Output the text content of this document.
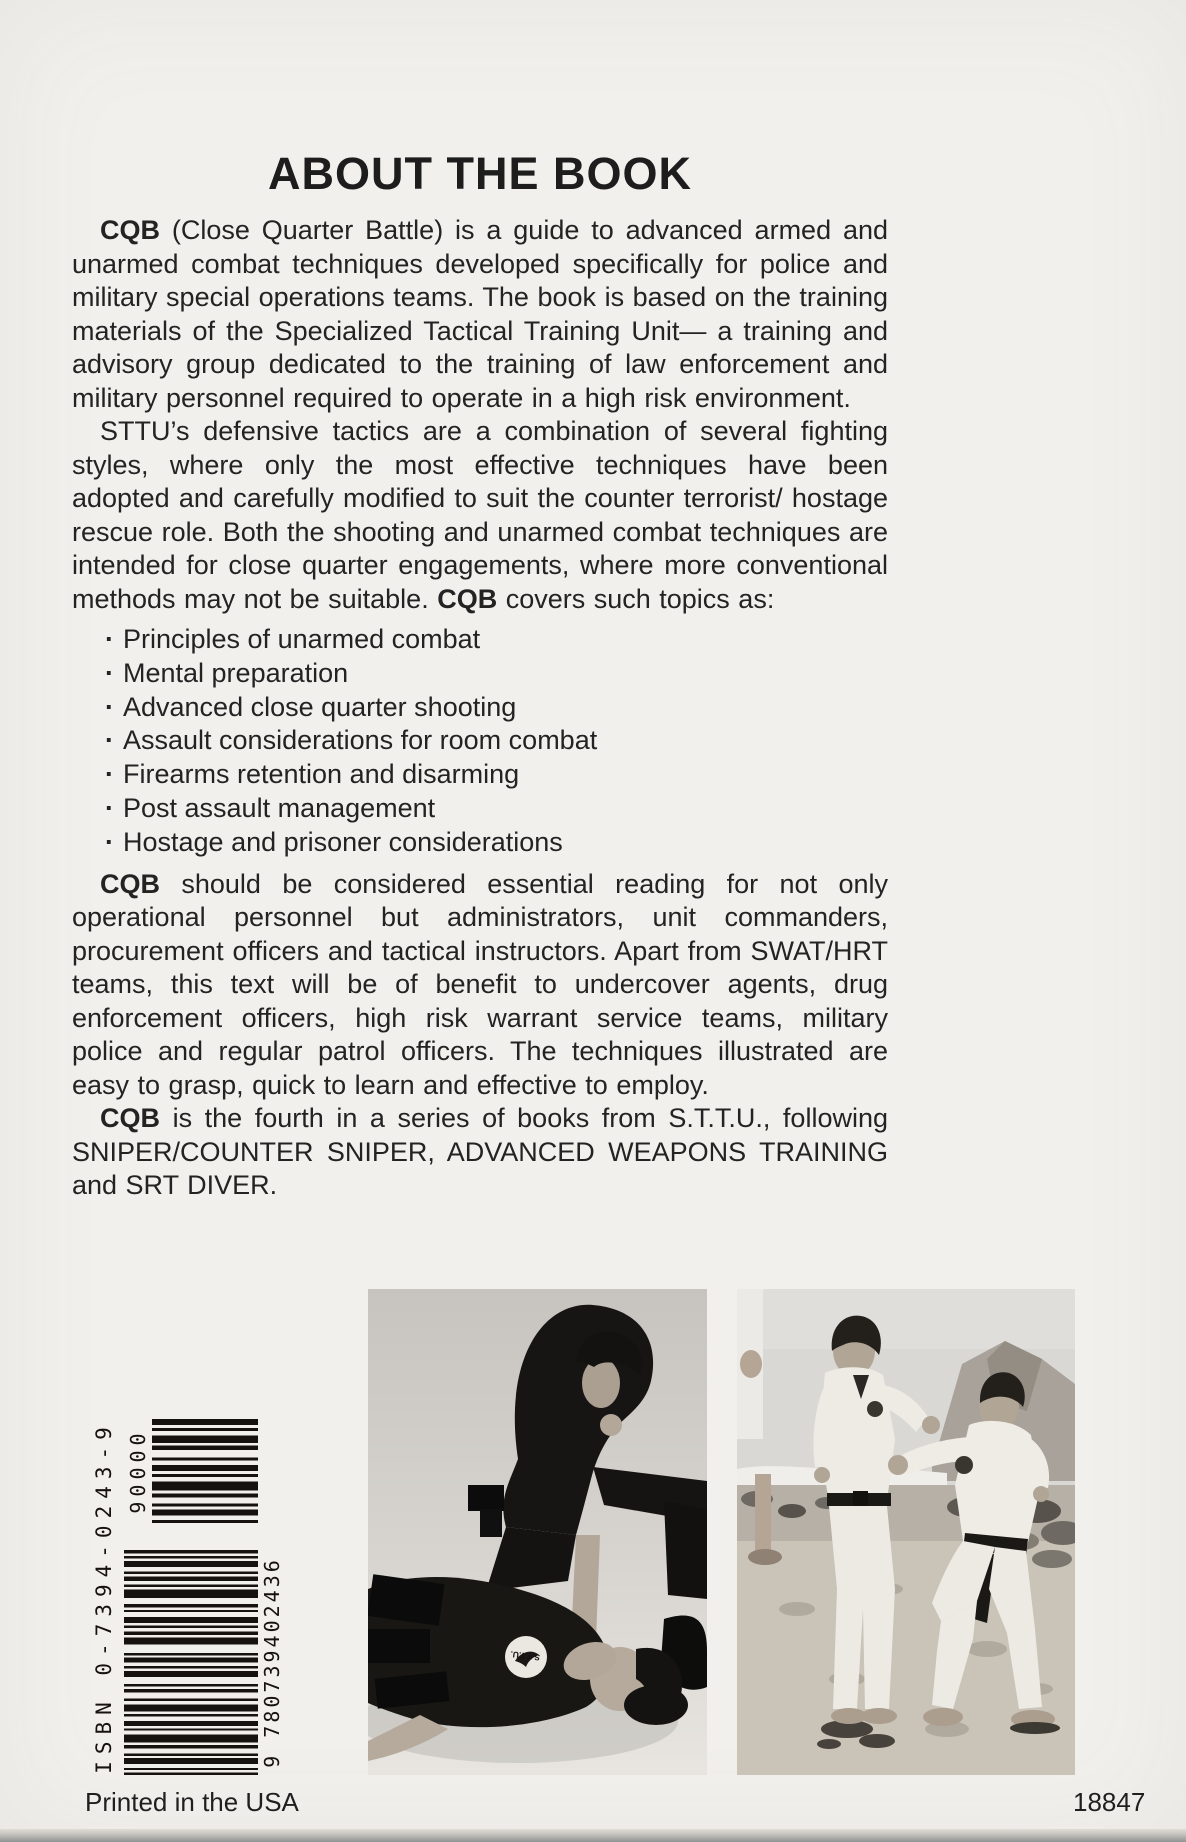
ABOUT THE BOOK

CQB (Close Quarter Battle) is a guide to advanced armed and unarmed combat techniques developed specifically for police and military special operations teams. The book is based on the training materials of the Specialized Tactical Training Unit— a training and advisory group dedicated to the training of law enforcement and military personnel required to operate in a high risk environment.

STTU’s defensive tactics are a combination of several fighting styles, where only the most effective techniques have been adopted and carefully modified to suit the counter terrorist/ hostage rescue role. Both the shooting and unarmed combat techniques are intended for close quarter engagements, where more conventional methods may not be suitable. CQB covers such topics as:

· Principles of unarmed combat
· Mental preparation
· Advanced close quarter shooting
· Assault considerations for room combat
· Firearms retention and disarming
· Post assault management
· Hostage and prisoner considerations

CQB should be considered essential reading for not only operational personnel but administrators, unit commanders, procurement officers and tactical instructors. Apart from SWAT/HRT teams, this text will be of benefit to undercover agents, drug enforcement officers, high risk warrant service teams, military police and regular patrol officers. The techniques illustrated are easy to grasp, quick to learn and effective to employ.

CQB is the fourth in a series of books from S.T.T.U., following SNIPER/COUNTER SNIPER, ADVANCED WEAPONS TRAINING and SRT DIVER.

S.T.T.U.
ISBN 0-7394-0243-9	9 780739402436
90000
Printed in the USA	18847
